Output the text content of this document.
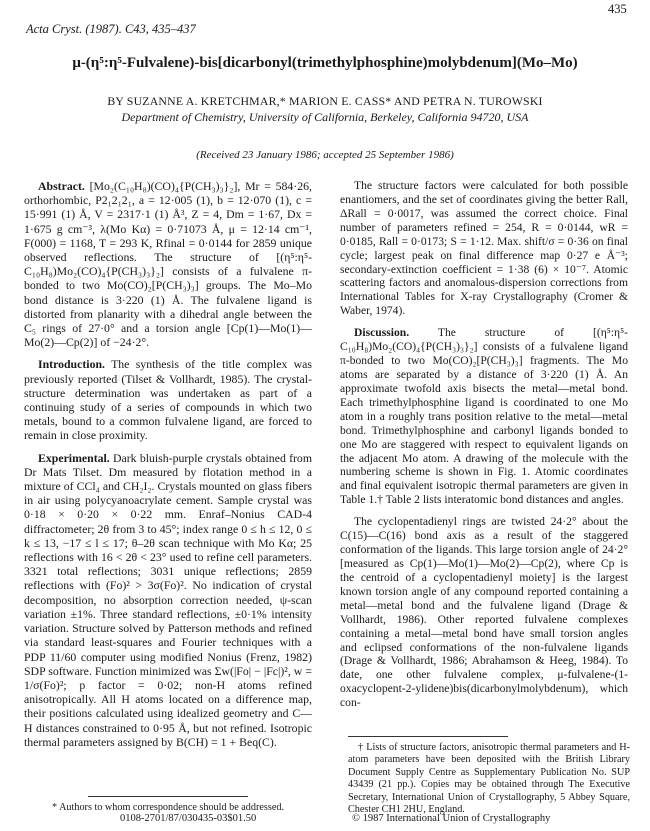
Acta Cryst. (1987). C43, 435–437
435
μ-(η⁵:η⁵-Fulvalene)-bis[dicarbonyl(trimethylphosphine)molybdenum](Mo–Mo)
BY SUZANNE A. KRETCHMAR,* MARION E. CASS* AND PETRA N. TUROWSKI
Department of Chemistry, University of California, Berkeley, California 94720, USA
(Received 23 January 1986; accepted 25 September 1986)

Abstract. [Mo₂(C₁₀H₈)(CO)₄{P(CH₃)₃}₂], Mr = 584·26, orthorhombic, P2₁2₁2₁, a = 12·005 (1), b = 12·070 (1), c = 15·991 (1) Å, V = 2317·1 (1) Å³, Z = 4, Dm = 1·67, Dx = 1·675 g cm⁻³, λ(Mo Kα) = 0·71073 Å, μ = 12·14 cm⁻¹, F(000) = 1168, T = 293 K, Rfinal = 0·0144 for 2859 unique observed reflections. The structure of [(η⁵:η⁵-C₁₀H₈)Mo₂(CO)₄{P(CH₃)₃}₂] consists of a fulvalene π-bonded to two Mo(CO)₂[P(CH₃)₃] groups. The Mo–Mo bond distance is 3·220 (1) Å. The fulvalene ligand is distorted from planarity with a dihedral angle between the C₅ rings of 27·0° and a torsion angle [Cp(1)—Mo(1)—Mo(2)—Cp(2)] of −24·2°.

Introduction. The synthesis of the title complex was previously reported (Tilset & Vollhardt, 1985). The crystal-structure determination was undertaken as part of a continuing study of a series of compounds in which two metals, bound to a common fulvalene ligand, are forced to remain in close proximity.

Experimental. Dark bluish-purple crystals obtained from Dr Mats Tilset. Dm measured by flotation method in a mixture of CCl₄ and CH₂I₂. Crystals mounted on glass fibers in air using polycyanoacrylate cement. Sample crystal was 0·18 × 0·20 × 0·22 mm. Enraf–Nonius CAD-4 diffractometer; 2θ from 3 to 45°; index range 0 ≤ h ≤ 12, 0 ≤ k ≤ 13, −17 ≤ l ≤ 17; θ–2θ scan technique with Mo Kα; 25 reflections with 16 < 2θ < 23° used to refine cell parameters. 3321 total reflections; 3031 unique reflections; 2859 reflections with (Fo)² > 3σ(Fo)². No indication of crystal decomposition, no absorption correction needed, ψ-scan variation ±1%. Three standard reflections, ±0·1% intensity variation. Structure solved by Patterson methods and refined via standard least-squares and Fourier techniques with a PDP 11/60 computer using modified Nonius (Frenz, 1982) SDP software. Function minimized was Σw(|Fo| − |Fc|)², w = 1/σ(Fo)²; p factor = 0·02; non-H atoms refined anisotropically. All H atoms located on a difference map, their positions calculated using idealized geometry and C—H distances constrained to 0·95 Å, but not refined. Isotropic thermal parameters assigned by B(CH) = 1 + Beq(C).

The structure factors were calculated for both possible enantiomers, and the set of coordinates giving the better Rall, ΔRall = 0·0017, was assumed the correct choice. Final number of parameters refined = 254, R = 0·0144, wR = 0·0185, Rall = 0·0173; S = 1·12. Max. shift/σ = 0·36 on final cycle; largest peak on final difference map 0·27 e Å⁻³; secondary-extinction coefficient = 1·38 (6) × 10⁻⁷. Atomic scattering factors and anomalous-dispersion corrections from International Tables for X-ray Crystallography (Cromer & Waber, 1974).

Discussion. The structure of [(η⁵:η⁵-C₁₀H₈)Mo₂(CO)₄{P(CH₃)₃}₂] consists of a fulvalene ligand π-bonded to two Mo(CO)₂[P(CH₃)₃] fragments. The Mo atoms are separated by a distance of 3·220 (1) Å. An approximate twofold axis bisects the metal—metal bond. Each trimethylphosphine ligand is coordinated to one Mo atom in a roughly trans position relative to the metal—metal bond. Trimethylphosphine and carbonyl ligands bonded to one Mo are staggered with respect to equivalent ligands on the adjacent Mo atom. A drawing of the molecule with the numbering scheme is shown in Fig. 1. Atomic coordinates and final equivalent isotropic thermal parameters are given in Table 1.† Table 2 lists interatomic bond distances and angles.

The cyclopentadienyl rings are twisted 24·2° about the C(15)—C(16) bond axis as a result of the staggered conformation of the ligands. This large torsion angle of 24·2° [measured as Cp(1)—Mo(1)—Mo(2)—Cp(2), where Cp is the centroid of a cyclopentadienyl moiety] is the largest known torsion angle of any compound reported containing a metal—metal bond and the fulvalene ligand (Drage & Vollhardt, 1986). Other reported fulvalene complexes containing a metal—metal bond have small torsion angles and eclipsed conformations of the non-fulvalene ligands (Drage & Vollhardt, 1986; Abrahamson & Heeg, 1984). To date, one other fulvalene complex, μ-fulvalene-(1-oxacyclopent-2-ylidene)bis(dicarbonylmolybdenum), which con-

† Lists of structure factors, anisotropic thermal parameters and H-atom parameters have been deposited with the British Library Document Supply Centre as Supplementary Publication No. SUP 43439 (21 pp.). Copies may be obtained through The Executive Secretary, International Union of Crystallography, 5 Abbey Square, Chester CH1 2HU, England.
* Authors to whom correspondence should be addressed.
0108-2701/87/030435-03$01.50	© 1987 International Union of Crystallography
